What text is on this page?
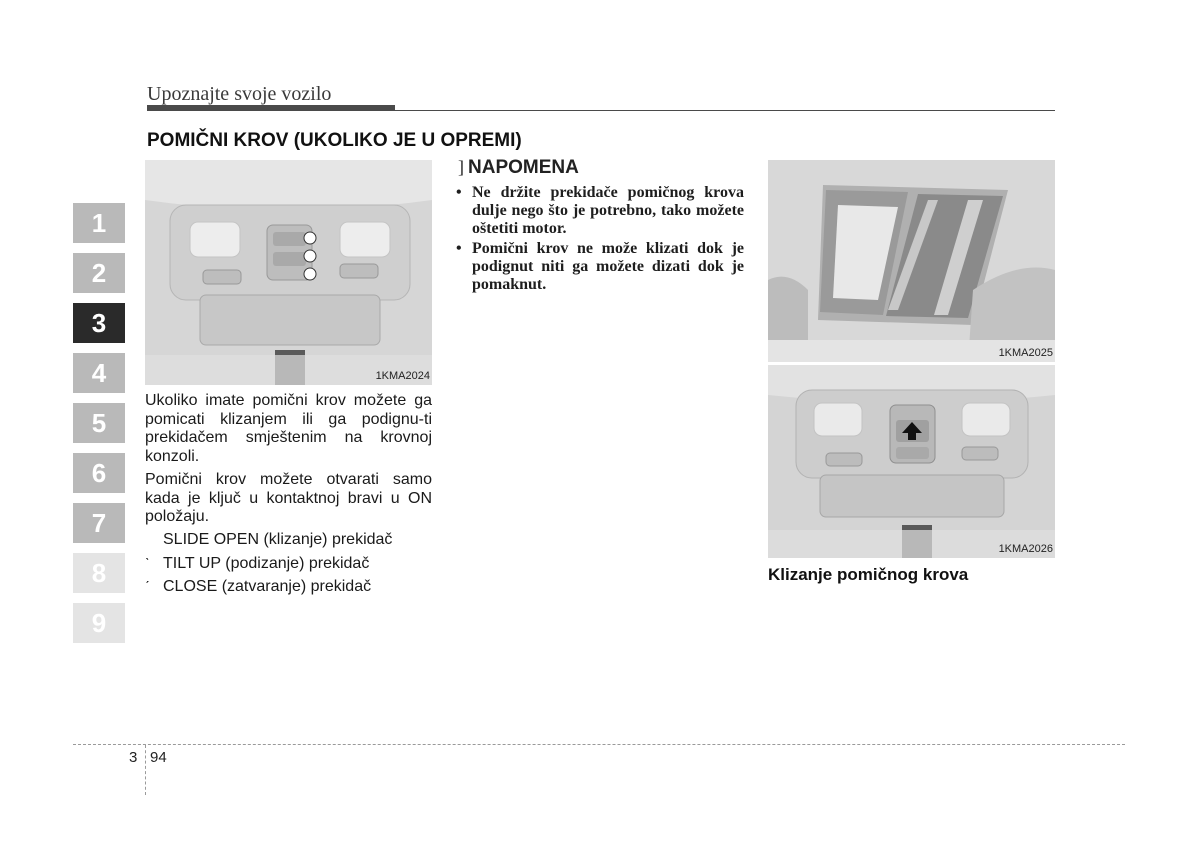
Upoznajte svoje vozilo
POMIČNI KROV (UKOLIKO JE U OPREMI)
1
2
3
4
5
6
7
8
9
1KMA2024
Ukoliko imate pomični krov možete ga pomicati klizanjem ili ga podignu-ti prekidačem smještenim na krovnoj konzoli.
Pomični krov možete otvarati samo kada je ključ u kontaktnoj bravi u ON položaju.
SLIDE OPEN (klizanje) prekidač
ˋ TILT UP (podizanje) prekidač
ˊ CLOSE (zatvaranje) prekidač
] NAPOMENA
• Ne držite prekidače pomičnog krova dulje nego što je potrebno, tako možete oštetiti motor.
• Pomični krov ne može klizati dok je podignut niti ga možete dizati dok je pomaknut.
1KMA2025
1KMA2026
Klizanje pomičnog krova
3 94
